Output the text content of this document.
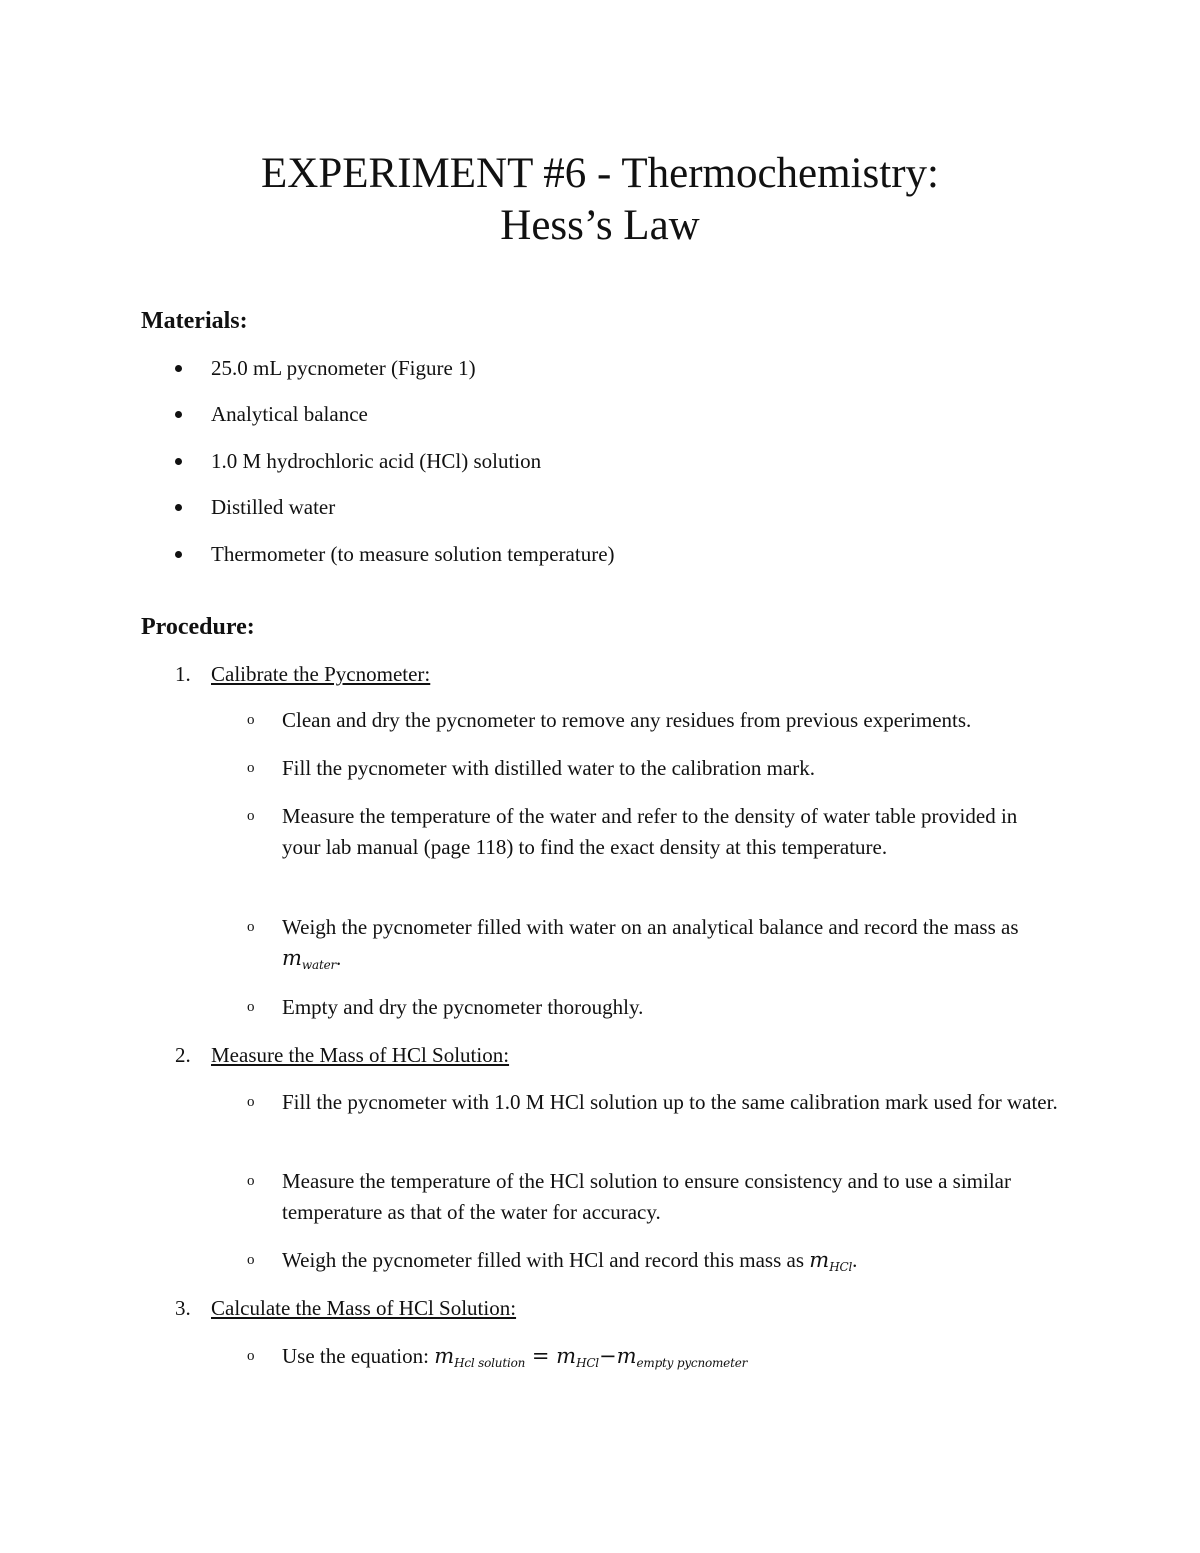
EXPERIMENT #6 - Thermochemistry:
Hess’s Law
Materials:
25.0 mL pycnometer (Figure 1)
Analytical balance
1.0 M hydrochloric acid (HCl) solution
Distilled water
Thermometer (to measure solution temperature)
Procedure:
1. Calibrate the Pycnometer:
o Clean and dry the pycnometer to remove any residues from previous experiments.
o Fill the pycnometer with distilled water to the calibration mark.
o Measure the temperature of the water and refer to the density of water table provided in your lab manual (page 118) to find the exact density at this temperature.
o Weigh the pycnometer filled with water on an analytical balance and record the mass as mwater.
o Empty and dry the pycnometer thoroughly.
2. Measure the Mass of HCl Solution:
o Fill the pycnometer with 1.0 M HCl solution up to the same calibration mark used for water.
o Measure the temperature of the HCl solution to ensure consistency and to use a similar temperature as that of the water for accuracy.
o Weigh the pycnometer filled with HCl and record this mass as mHCl.
3. Calculate the Mass of HCl Solution:
o Use the equation: mHcl solution = mHCl−mempty pycnometer
